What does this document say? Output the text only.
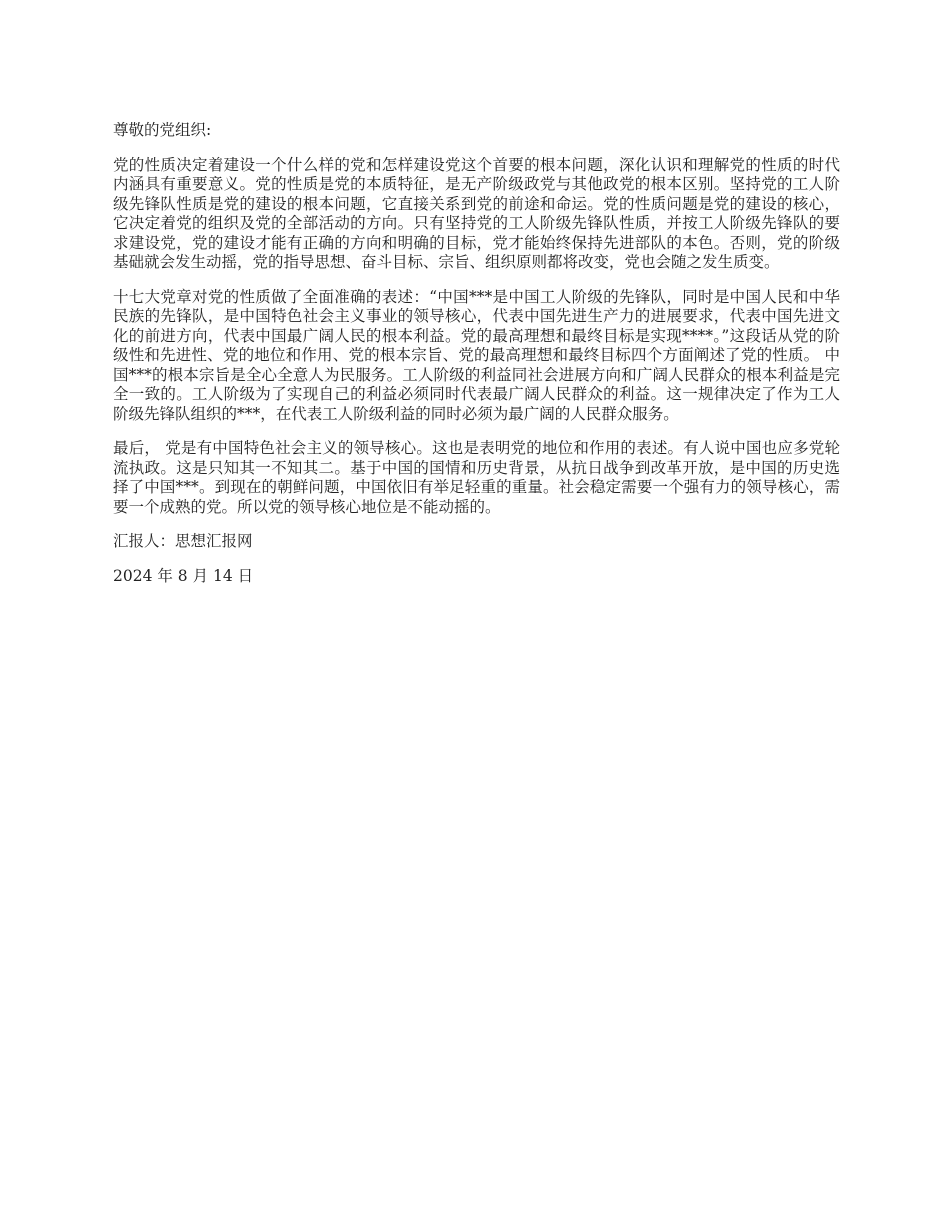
尊敬的党组织:

党的性质决定着建设一个什么样的党和怎样建设党这个首要的根本问题，深化认识和理解党的性质的时代内涵具有重要意义。党的性质是党的本质特征，是无产阶级政党与其他政党的根本区别。坚持党的工人阶级先锋队性质是党的建设的根本问题，它直接关系到党的前途和命运。党的性质问题是党的建设的核心，它决定着党的组织及党的全部活动的方向。只有坚持党的工人阶级先锋队性质，并按工人阶级先锋队的要求建设党，党的建设才能有正确的方向和明确的目标，党才能始终保持先进部队的本色。否则，党的阶级基础就会发生动摇，党的指导思想、奋斗目标、宗旨、组织原则都将改变，党也会随之发生质变。

十七大党章对党的性质做了全面准确的表述：“中国***是中国工人阶级的先锋队，同时是中国人民和中华民族的先锋队，是中国特色社会主义事业的领导核心，代表中国先进生产力的进展要求，代表中国先进文化的前进方向，代表中国最广阔人民的根本利益。党的最高理想和最终目标是实现****。”这段话从党的阶级性和先进性、党的地位和作用、党的根本宗旨、党的最高理想和最终目标四个方面阐述了党的性质。 中国***的根本宗旨是全心全意人为民服务。工人阶级的利益同社会进展方向和广阔人民群众的根本利益是完全一致的。工人阶级为了实现自己的利益必须同时代表最广阔人民群众的利益。这一规律决定了作为工人阶级先锋队组织的***，在代表工人阶级利益的同时必须为最广阔的人民群众服务。

最后， 党是有中国特色社会主义的领导核心。这也是表明党的地位和作用的表述。有人说中国也应多党轮流执政。这是只知其一不知其二。基于中国的国情和历史背景，从抗日战争到改革开放，是中国的历史选择了中国***。到现在的朝鲜问题，中国依旧有举足轻重的重量。社会稳定需要一个强有力的领导核心，需要一个成熟的党。所以党的领导核心地位是不能动摇的。

汇报人：思想汇报网

2024 年 8 月 14 日
